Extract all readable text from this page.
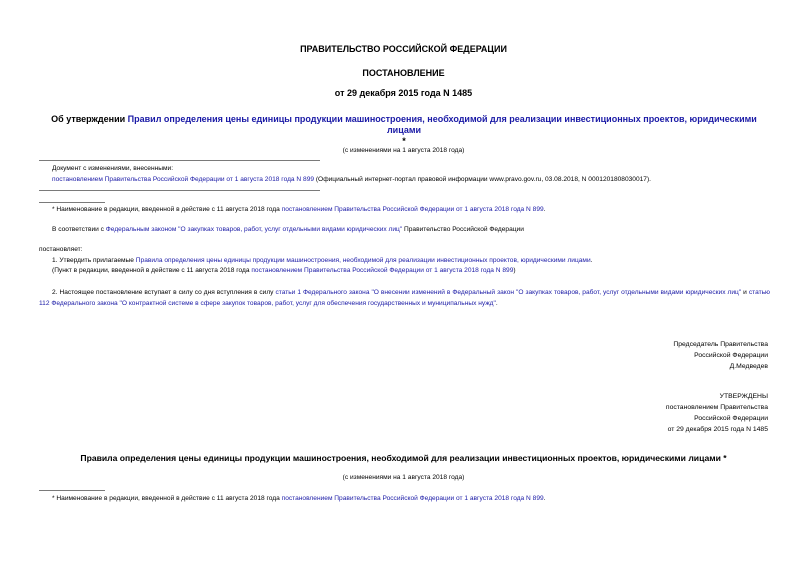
ПРАВИТЕЛЬСТВО РОССИЙСКОЙ ФЕДЕРАЦИИ
ПОСТАНОВЛЕНИЕ
от 29 декабря 2015 года N 1485
Об утверждении Правил определения цены единицы продукции машиностроения, необходимой для реализации инвестиционных проектов, юридическими лицами
*
(с изменениями на 1 августа 2018 года)
Документ с изменениями, внесенными:
постановлением Правительства Российской Федерации от 1 августа 2018 года N 899 (Официальный интернет-портал правовой информации www.pravo.gov.ru, 03.08.2018, N 0001201808030017).
* Наименование в редакции, введенной в действие с 11 августа 2018 года постановлением Правительства Российской Федерации от 1 августа 2018 года N 899.
В соответствии с Федеральным законом "О закупках товаров, работ, услуг отдельными видами юридических лиц" Правительство Российской Федерации
постановляет:
1. Утвердить прилагаемые Правила определения цены единицы продукции машиностроения, необходимой для реализации инвестиционных проектов, юридическими лицами.
(Пункт в редакции, введенной в действие с 11 августа 2018 года постановлением Правительства Российской Федерации от 1 августа 2018 года N 899)
2. Настоящее постановление вступает в силу со дня вступления в силу статьи 1 Федерального закона "О внесении изменений в Федеральный закон "О закупках товаров, работ, услуг отдельными видами юридических лиц" и статью 112 Федерального закона "О контрактной системе в сфере закупок товаров, работ, услуг для обеспечения государственных и муниципальных нужд".
Председатель Правительства
Российской Федерации
Д.Медведев
УТВЕРЖДЕНЫ
постановлением Правительства
Российской Федерации
от 29 декабря 2015 года N 1485
Правила определения цены единицы продукции машиностроения, необходимой для реализации инвестиционных проектов, юридическими лицами *
(с изменениями на 1 августа 2018 года)
* Наименование в редакции, введенной в действие с 11 августа 2018 года постановлением Правительства Российской Федерации от 1 августа 2018 года N 899.
